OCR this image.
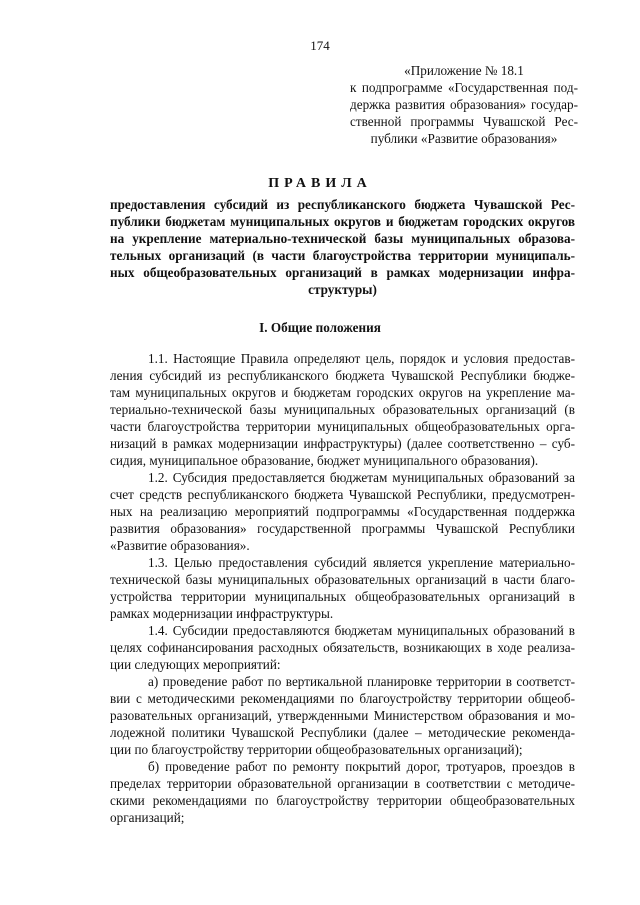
174
«Приложение № 18.1
к подпрограмме «Государственная под-
держка развития образования» государ-
ственной программы Чувашской Рес-
публики «Развитие образования»
ПРАВИЛА
предоставления субсидий из республиканского бюджета Чувашской Рес-
публики бюджетам муниципальных округов и бюджетам городских округов
на укрепление материально-технической базы муниципальных образова-
тельных организаций (в части благоустройства территории муниципаль-
ных общеобразовательных организаций в рамках модернизации инфра-
структуры)
I. Общие положения
1.1. Настоящие Правила определяют цель, порядок и условия предостав-
ления субсидий из республиканского бюджета Чувашской Республики бюдже-
там муниципальных округов и бюджетам городских округов на укрепление ма-
териально-технической базы муниципальных образовательных организаций (в
части благоустройства территории муниципальных общеобразовательных орга-
низаций в рамках модернизации инфраструктуры) (далее соответственно – суб-
сидия, муниципальное образование, бюджет муниципального образования).
1.2. Субсидия предоставляется бюджетам муниципальных образований за
счет средств республиканского бюджета Чувашской Республики, предусмотрен-
ных на реализацию мероприятий подпрограммы «Государственная поддержка
развития образования» государственной программы Чувашской Республики
«Развитие образования».
1.3. Целью предоставления субсидий является укрепление материально-
технической базы муниципальных образовательных организаций в части благо-
устройства территории муниципальных общеобразовательных организаций в
рамках модернизации инфраструктуры.
1.4. Субсидии предоставляются бюджетам муниципальных образований в
целях софинансирования расходных обязательств, возникающих в ходе реализа-
ции следующих мероприятий:
а) проведение работ по вертикальной планировке территории в соответст-
вии с методическими рекомендациями по благоустройству территории общеоб-
разовательных организаций, утвержденными Министерством образования и мо-
лодежной политики Чувашской Республики (далее – методические рекоменда-
ции по благоустройству территории общеобразовательных организаций);
б) проведение работ по ремонту покрытий дорог, тротуаров, проездов в
пределах территории образовательной организации в соответствии с методиче-
скими рекомендациями по благоустройству территории общеобразовательных
организаций;
